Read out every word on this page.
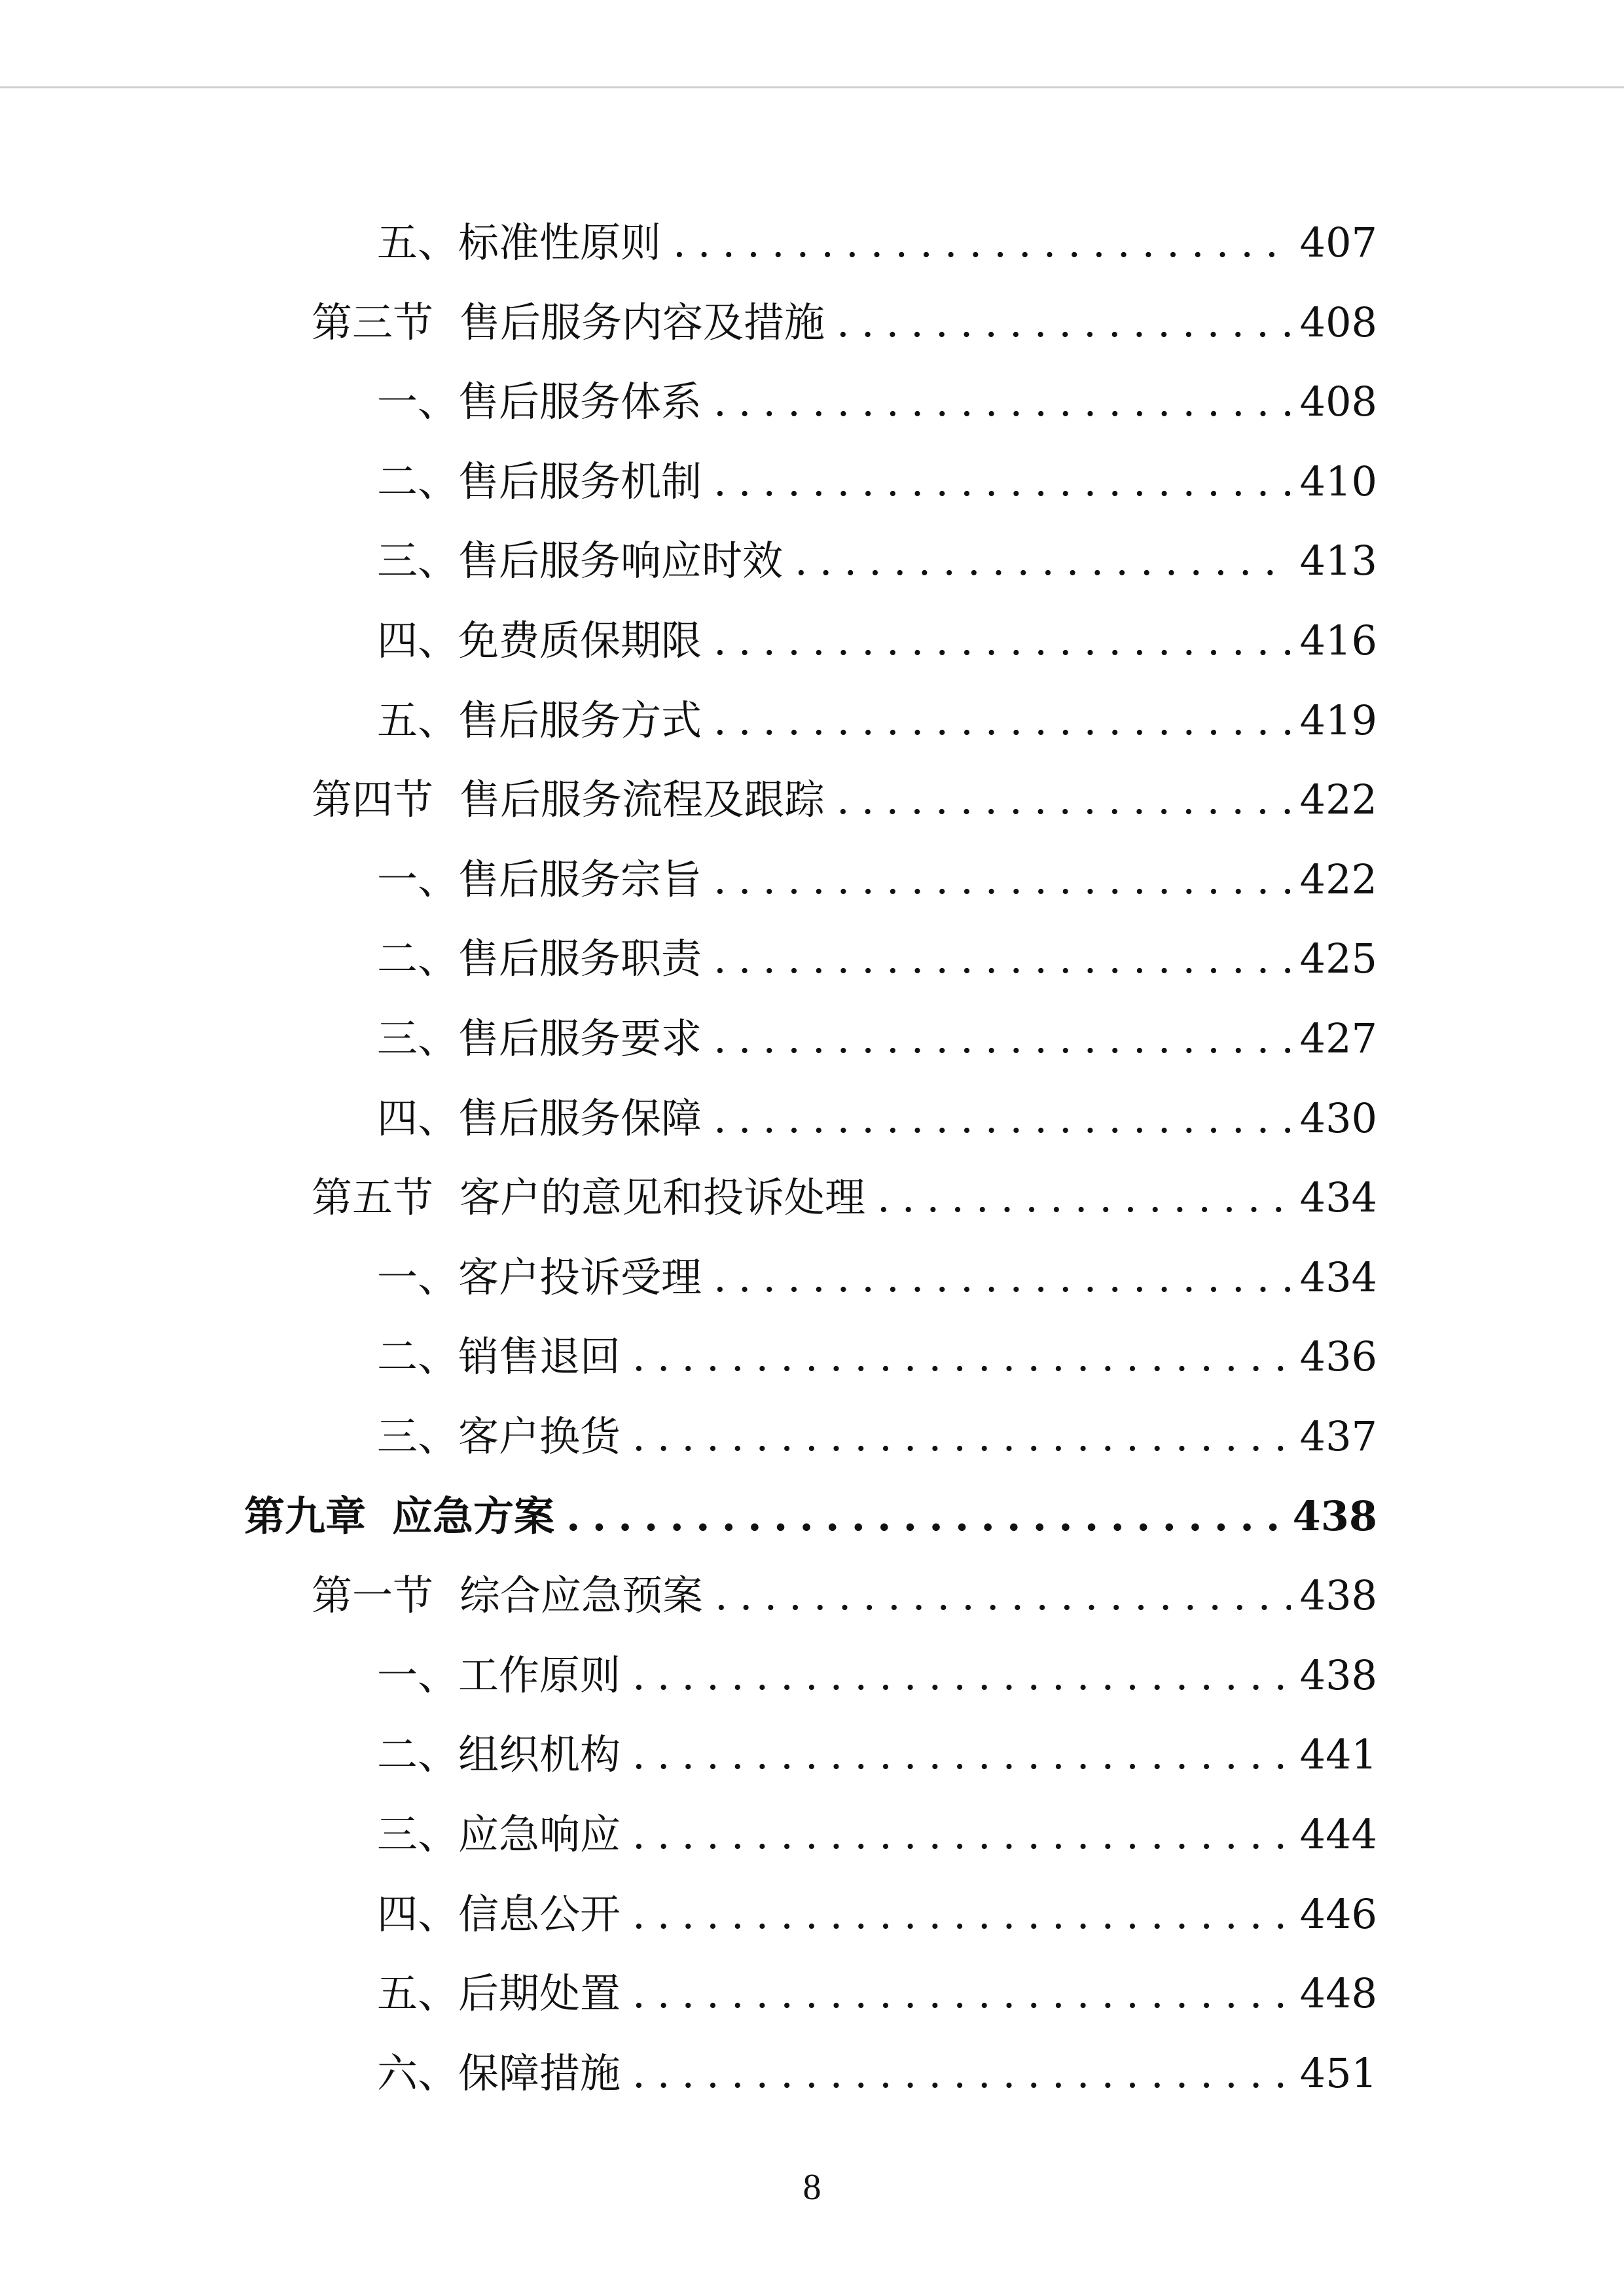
五、标准性原则 .....	407
第三节 售后服务内容及措施 .....	408
一、售后服务体系 .....	408
二、售后服务机制 .....	410
三、售后服务响应时效 .....	413
四、免费质保期限 .....	416
五、售后服务方式 .....	419
第四节 售后服务流程及跟踪 .....	422
一、售后服务宗旨 .....	422
二、售后服务职责 .....	425
三、售后服务要求 .....	427
四、售后服务保障 .....	430
第五节 客户的意见和投诉处理 .....	434
一、客户投诉受理 .....	434
二、销售退回 .....	436
三、客户换货 .....	437
第九章 应急方案 .....	438
第一节 综合应急预案 .....	438
一、工作原则 .....	438
二、组织机构 .....	441
三、应急响应 .....	444
四、信息公开 .....	446
五、后期处置 .....	448
六、保障措施 .....	451
8
